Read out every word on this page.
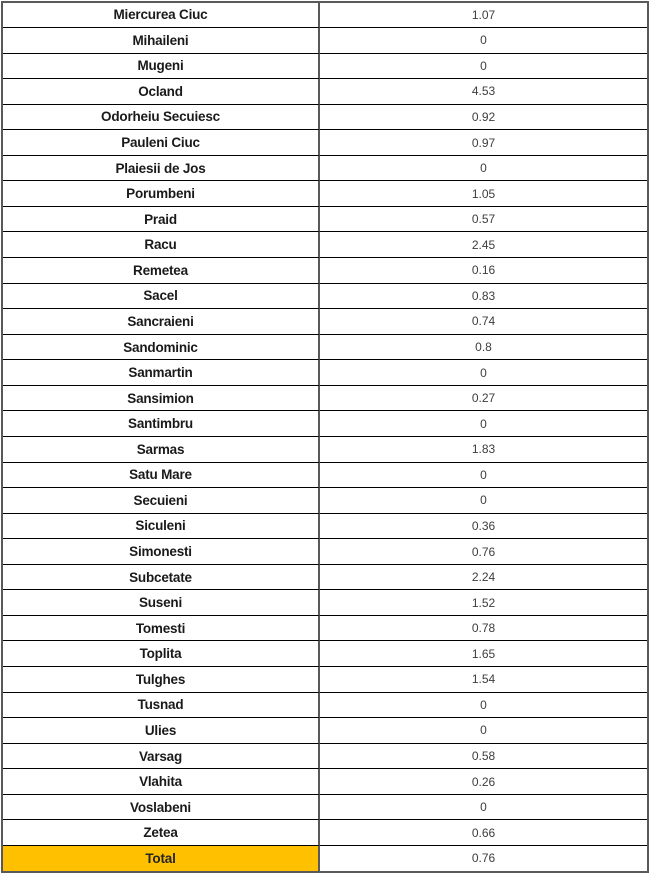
Miercurea Ciuc	1.07
Mihaileni	0
Mugeni	0
Ocland	4.53
Odorheiu Secuiesc	0.92
Pauleni Ciuc	0.97
Plaiesii de Jos	0
Porumbeni	1.05
Praid	0.57
Racu	2.45
Remetea	0.16
Sacel	0.83
Sancraieni	0.74
Sandominic	0.8
Sanmartin	0
Sansimion	0.27
Santimbru	0
Sarmas	1.83
Satu Mare	0
Secuieni	0
Siculeni	0.36
Simonesti	0.76
Subcetate	2.24
Suseni	1.52
Tomesti	0.78
Toplita	1.65
Tulghes	1.54
Tusnad	0
Ulies	0
Varsag	0.58
Vlahita	0.26
Voslabeni	0
Zetea	0.66
Total	0.76
